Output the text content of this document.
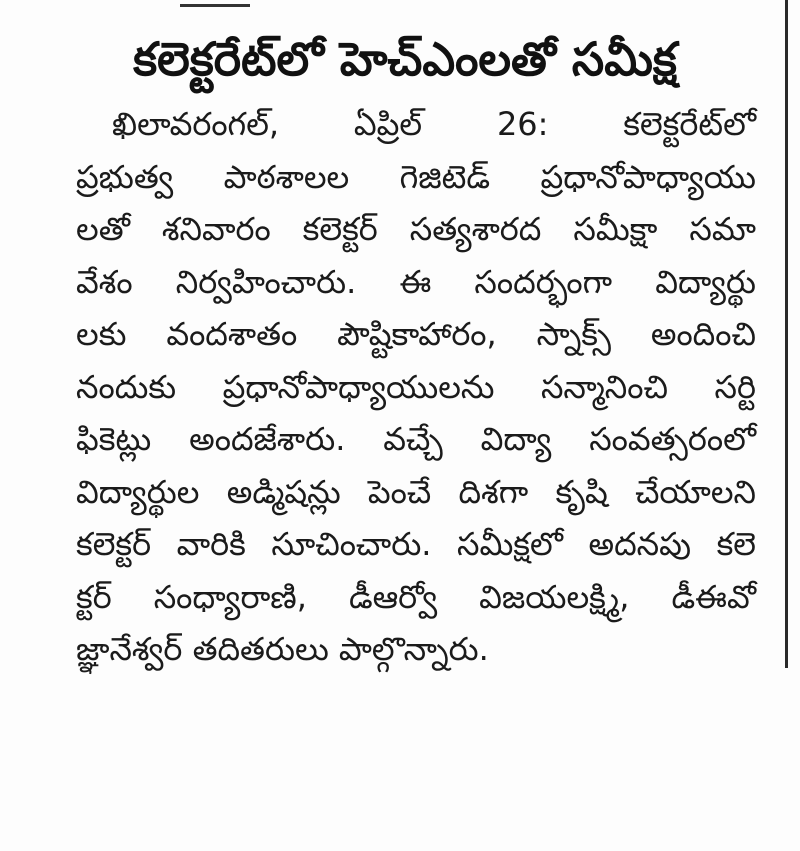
కలెక్టరేట్‌లో హెచ్‌ఎంలతో సమీక్ష
ఖిలావరంగల్, ఏప్రిల్ 26: కలెక్టరేట్‌లో
ప్రభుత్వ పాఠశాలల గెజిటెడ్ ప్రధానోపాధ్యాయు
లతో శనివారం కలెక్టర్ సత్యశారద సమీక్షా సమా
వేశం నిర్వహించారు. ఈ సందర్భంగా విద్యార్థు
లకు వందశాతం పౌష్టికాహారం, స్నాక్స్ అందించి
నందుకు ప్రధానోపాధ్యాయులను సన్మానించి సర్టి
ఫికెట్లు అందజేశారు. వచ్చే విద్యా సంవత్సరంలో
విద్యార్థుల అడ్మిషన్లు పెంచే దిశగా కృషి చేయాలని
కలెక్టర్ వారికి సూచించారు. సమీక్షలో అదనపు కలె
క్టర్ సంధ్యారాణి, డీఆర్వో విజయలక్ష్మి, డీఈవో
జ్ఞానేశ్వర్ తదితరులు పాల్గొన్నారు.
